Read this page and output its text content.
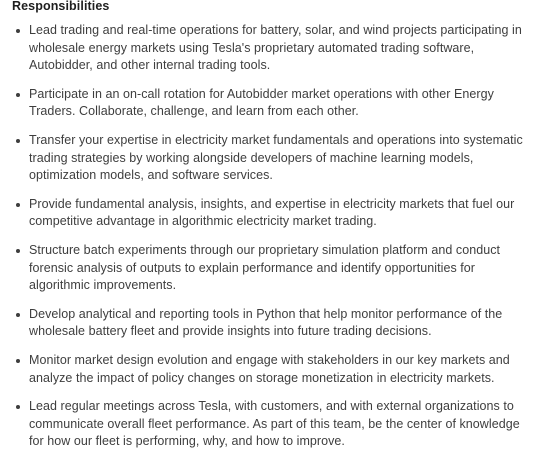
Responsibilities
Lead trading and real-time operations for battery, solar, and wind projects participating in wholesale energy markets using Tesla's proprietary automated trading software, Autobidder, and other internal trading tools.
Participate in an on-call rotation for Autobidder market operations with other Energy Traders. Collaborate, challenge, and learn from each other.
Transfer your expertise in electricity market fundamentals and operations into systematic trading strategies by working alongside developers of machine learning models, optimization models, and software services.
Provide fundamental analysis, insights, and expertise in electricity markets that fuel our competitive advantage in algorithmic electricity market trading.
Structure batch experiments through our proprietary simulation platform and conduct forensic analysis of outputs to explain performance and identify opportunities for algorithmic improvements.
Develop analytical and reporting tools in Python that help monitor performance of the wholesale battery fleet and provide insights into future trading decisions.
Monitor market design evolution and engage with stakeholders in our key markets and analyze the impact of policy changes on storage monetization in electricity markets.
Lead regular meetings across Tesla, with customers, and with external organizations to communicate overall fleet performance. As part of this team, be the center of knowledge for how our fleet is performing, why, and how to improve.
